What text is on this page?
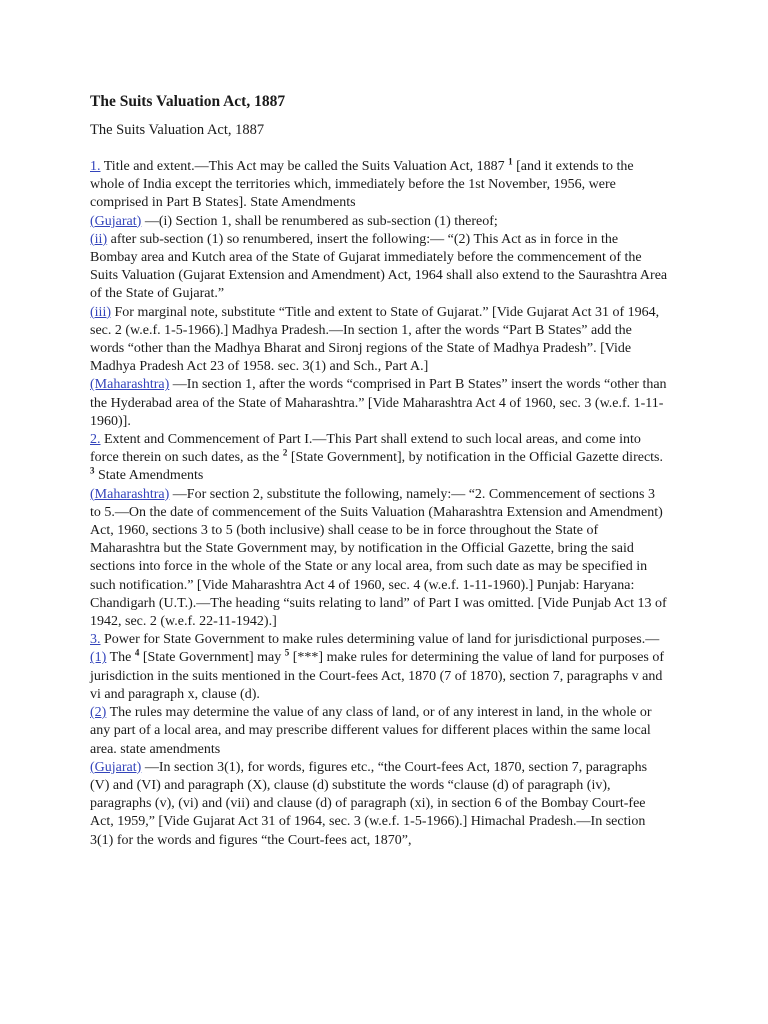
The Suits Valuation Act, 1887
The Suits Valuation Act, 1887
1. Title and extent.—This Act may be called the Suits Valuation Act, 1887 $^1$ [and it extends to the whole of India except the territories which, immediately before the 1st November, 1956, were comprised in Part B States]. State Amendments
(Gujarat) —(i) Section 1, shall be renumbered as sub-section (1) thereof;
(ii) after sub-section (1) so renumbered, insert the following:— “(2) This Act as in force in the Bombay area and Kutch area of the State of Gujarat immediately before the commencement of the Suits Valuation (Gujarat Extension and Amendment) Act, 1964 shall also extend to the Saurashtra Area of the State of Gujarat.”
(iii) For marginal note, substitute “Title and extent to State of Gujarat.” [Vide Gujarat Act 31 of 1964, sec. 2 (w.e.f. 1-5-1966).] Madhya Pradesh.—In section 1, after the words “Part B States” add the words “other than the Madhya Bharat and Sironj regions of the State of Madhya Pradesh”. [Vide Madhya Pradesh Act 23 of 1958. sec. 3(1) and Sch., Part A.]
(Maharashtra) —In section 1, after the words “comprised in Part B States” insert the words “other than the Hyderabad area of the State of Maharashtra.” [Vide Maharashtra Act 4 of 1960, sec. 3 (w.e.f. 1-11-1960)].
2. Extent and Commencement of Part I.—This Part shall extend to such local areas, and come into force therein on such dates, as the $^2$ [State Government], by notification in the Official Gazette directs. $^3$ State Amendments
(Maharashtra) —For section 2, substitute the following, namely:— “2. Commencement of sections 3 to 5.—On the date of commencement of the Suits Valuation (Maharashtra Extension and Amendment) Act, 1960, sections 3 to 5 (both inclusive) shall cease to be in force throughout the State of Maharashtra but the State Government may, by notification in the Official Gazette, bring the said sections into force in the whole of the State or any local area, from such date as may be specified in such notification.” [Vide Maharashtra Act 4 of 1960, sec. 4 (w.e.f. 1-11-1960).] Punjab: Haryana: Chandigarh (U.T.).—The heading “suits relating to land” of Part I was omitted. [Vide Punjab Act 13 of 1942, sec. 2 (w.e.f. 22-11-1942).]
3. Power for State Government to make rules determining value of land for jurisdictional purposes.—
(1) The $^4$ [State Government] may $^5$ [***] make rules for determining the value of land for purposes of jurisdiction in the suits mentioned in the Court-fees Act, 1870 (7 of 1870), section 7, paragraphs v and vi and paragraph x, clause (d).
(2) The rules may determine the value of any class of land, or of any interest in land, in the whole or any part of a local area, and may prescribe different values for different places within the same local area. state amendments
(Gujarat) —In section 3(1), for words, figures etc., “the Court-fees Act, 1870, section 7, paragraphs (V) and (VI) and paragraph (X), clause (d) substitute the words “clause (d) of paragraph (iv), paragraphs (v), (vi) and (vii) and clause (d) of paragraph (xi), in section 6 of the Bombay Court-fee Act, 1959,” [Vide Gujarat Act 31 of 1964, sec. 3 (w.e.f. 1-5-1966).] Himachal Pradesh.—In section 3(1) for the words and figures “the Court-fees act, 1870”,
